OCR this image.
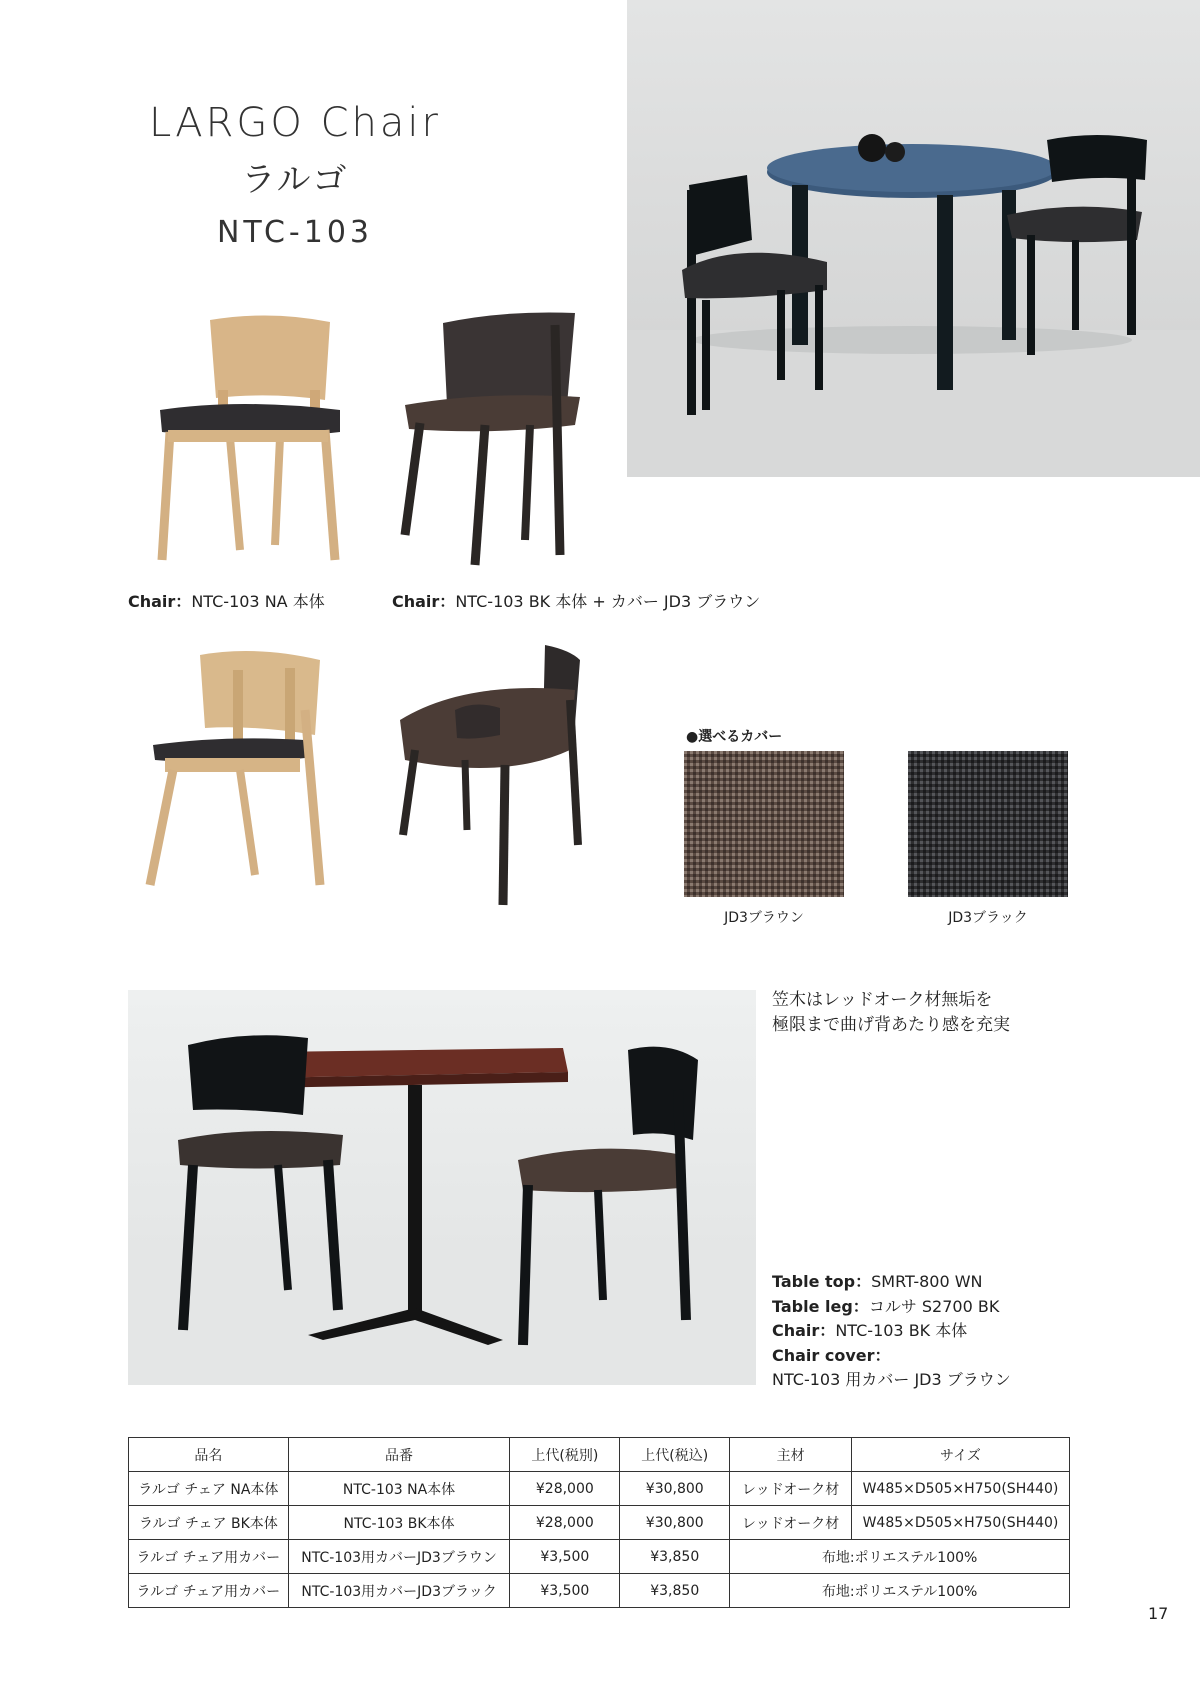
LARGO Chair
ラルゴ
NTC-103
Chair：NTC-103 NA 本体	Chair：NTC-103 BK 本体 + カバー JD3 ブラウン
●選べるカバー
JD3ブラウン	JD3ブラック
笠木はレッドオーク材無垢を
極限まで曲げ背あたり感を充実
Table top：SMRT-800 WN
Table leg：コルサ S2700 BK
Chair：NTC-103 BK 本体
Chair cover：
NTC-103 用カバー JD3 ブラウン
品名	品番	上代(税別)	上代(税込)	主材	サイズ
ラルゴ チェア NA本体	NTC-103 NA本体	¥28,000	¥30,800	レッドオーク材	W485×D505×H750(SH440)
ラルゴ チェア BK本体	NTC-103 BK本体	¥28,000	¥30,800	レッドオーク材	W485×D505×H750(SH440)
ラルゴ チェア用カバー	NTC-103用カバーJD3ブラウン	¥3,500	¥3,850	布地:ポリエステル100%	
ラルゴ チェア用カバー	NTC-103用カバーJD3ブラック	¥3,500	¥3,850	布地:ポリエステル100%	
17
